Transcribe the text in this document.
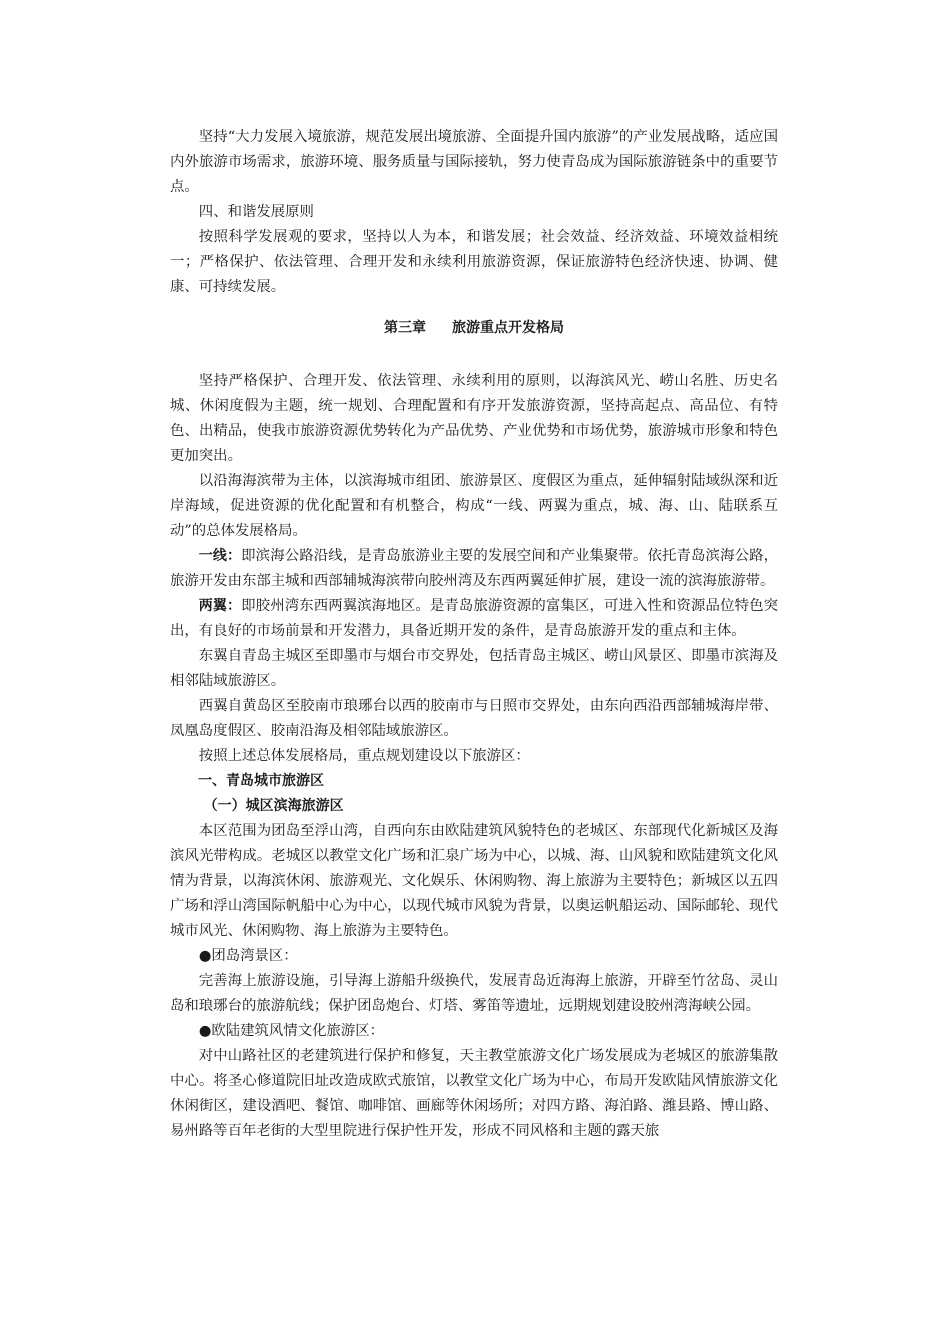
坚持“大力发展入境旅游，规范发展出境旅游、全面提升国内旅游”的产业发展战略，适应国内外旅游市场需求，旅游环境、服务质量与国际接轨，努力使青岛成为国际旅游链条中的重要节点。

四、和谐发展原则

按照科学发展观的要求，坚持以人为本，和谐发展；社会效益、经济效益、环境效益相统一；严格保护、依法管理、合理开发和永续利用旅游资源，保证旅游特色经济快速、协调、健康、可持续发展。

第三章 旅游重点开发格局

坚持严格保护、合理开发、依法管理、永续利用的原则，以海滨风光、崂山名胜、历史名城、休闲度假为主题，统一规划、合理配置和有序开发旅游资源，坚持高起点、高品位、有特色、出精品，使我市旅游资源优势转化为产品优势、产业优势和市场优势，旅游城市形象和特色更加突出。

以沿海海滨带为主体，以滨海城市组团、旅游景区、度假区为重点，延伸辐射陆域纵深和近岸海域，促进资源的优化配置和有机整合，构成“一线、两翼为重点，城、海、山、陆联系互动”的总体发展格局。

一线：即滨海公路沿线，是青岛旅游业主要的发展空间和产业集聚带。依托青岛滨海公路，旅游开发由东部主城和西部辅城海滨带向胶州湾及东西两翼延伸扩展，建设一流的滨海旅游带。

两翼：即胶州湾东西两翼滨海地区。是青岛旅游资源的富集区，可进入性和资源品位特色突出，有良好的市场前景和开发潜力，具备近期开发的条件，是青岛旅游开发的重点和主体。

东翼自青岛主城区至即墨市与烟台市交界处，包括青岛主城区、崂山风景区、即墨市滨海及相邻陆域旅游区。

西翼自黄岛区至胶南市琅琊台以西的胶南市与日照市交界处，由东向西沿西部辅城海岸带、凤凰岛度假区、胶南沿海及相邻陆域旅游区。

按照上述总体发展格局，重点规划建设以下旅游区：

一、青岛城市旅游区

（一）城区滨海旅游区

本区范围为团岛至浮山湾，自西向东由欧陆建筑风貌特色的老城区、东部现代化新城区及海滨风光带构成。老城区以教堂文化广场和汇泉广场为中心，以城、海、山风貌和欧陆建筑文化风情为背景，以海滨休闲、旅游观光、文化娱乐、休闲购物、海上旅游为主要特色；新城区以五四广场和浮山湾国际帆船中心为中心，以现代城市风貌为背景，以奥运帆船运动、国际邮轮、现代城市风光、休闲购物、海上旅游为主要特色。

●团岛湾景区：

完善海上旅游设施，引导海上游船升级换代，发展青岛近海海上旅游，开辟至竹岔岛、灵山岛和琅琊台的旅游航线；保护团岛炮台、灯塔、雾笛等遗址，远期规划建设胶州湾海峡公园。

●欧陆建筑风情文化旅游区：

对中山路社区的老建筑进行保护和修复，天主教堂旅游文化广场发展成为老城区的旅游集散中心。将圣心修道院旧址改造成欧式旅馆，以教堂文化广场为中心，布局开发欧陆风情旅游文化休闲街区，建设酒吧、餐馆、咖啡馆、画廊等休闲场所；对四方路、海泊路、潍县路、博山路、易州路等百年老街的大型里院进行保护性开发，形成不同风格和主题的露天旅
